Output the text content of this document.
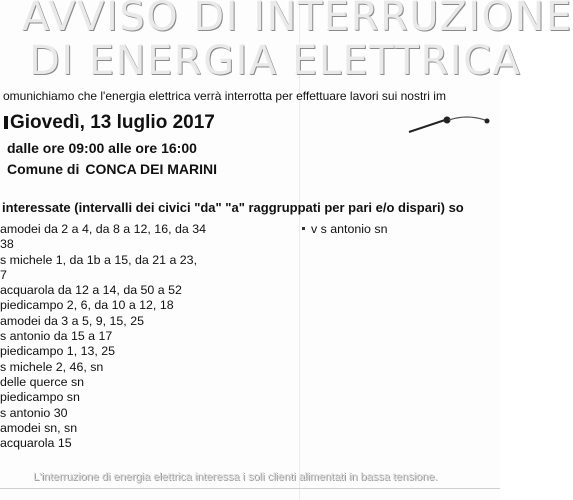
AVVISO DI INTERRUZIONE
DI ENERGIA ELETTRICA
omunichiamo che l'energia elettrica verrà interrotta per effettuare lavori sui nostri im
Giovedì, 13 luglio 2017
dalle ore 09:00 alle ore 16:00
Comune di CONCA DEI MARINI
interessate (intervalli dei civici "da" "a" raggruppati per pari e/o dispari) so
amodei da 2 a 4, da 8 a 12, 16, da 34
38
s michele 1, da 1b a 15, da 21 a 23,
7
acquarola da 12 a 14, da 50 a 52
piedicampo 2, 6, da 10 a 12, 18
amodei da 3 a 5, 9, 15, 25
s antonio da 15 a 17
piedicampo 1, 13, 25
s michele 2, 46, sn
delle querce sn
piedicampo sn
s antonio 30
amodei sn, sn
acquarola 15
v s antonio sn
L'interruzione di energia elettrica interessa i soli clienti alimentati in bassa tensione.
